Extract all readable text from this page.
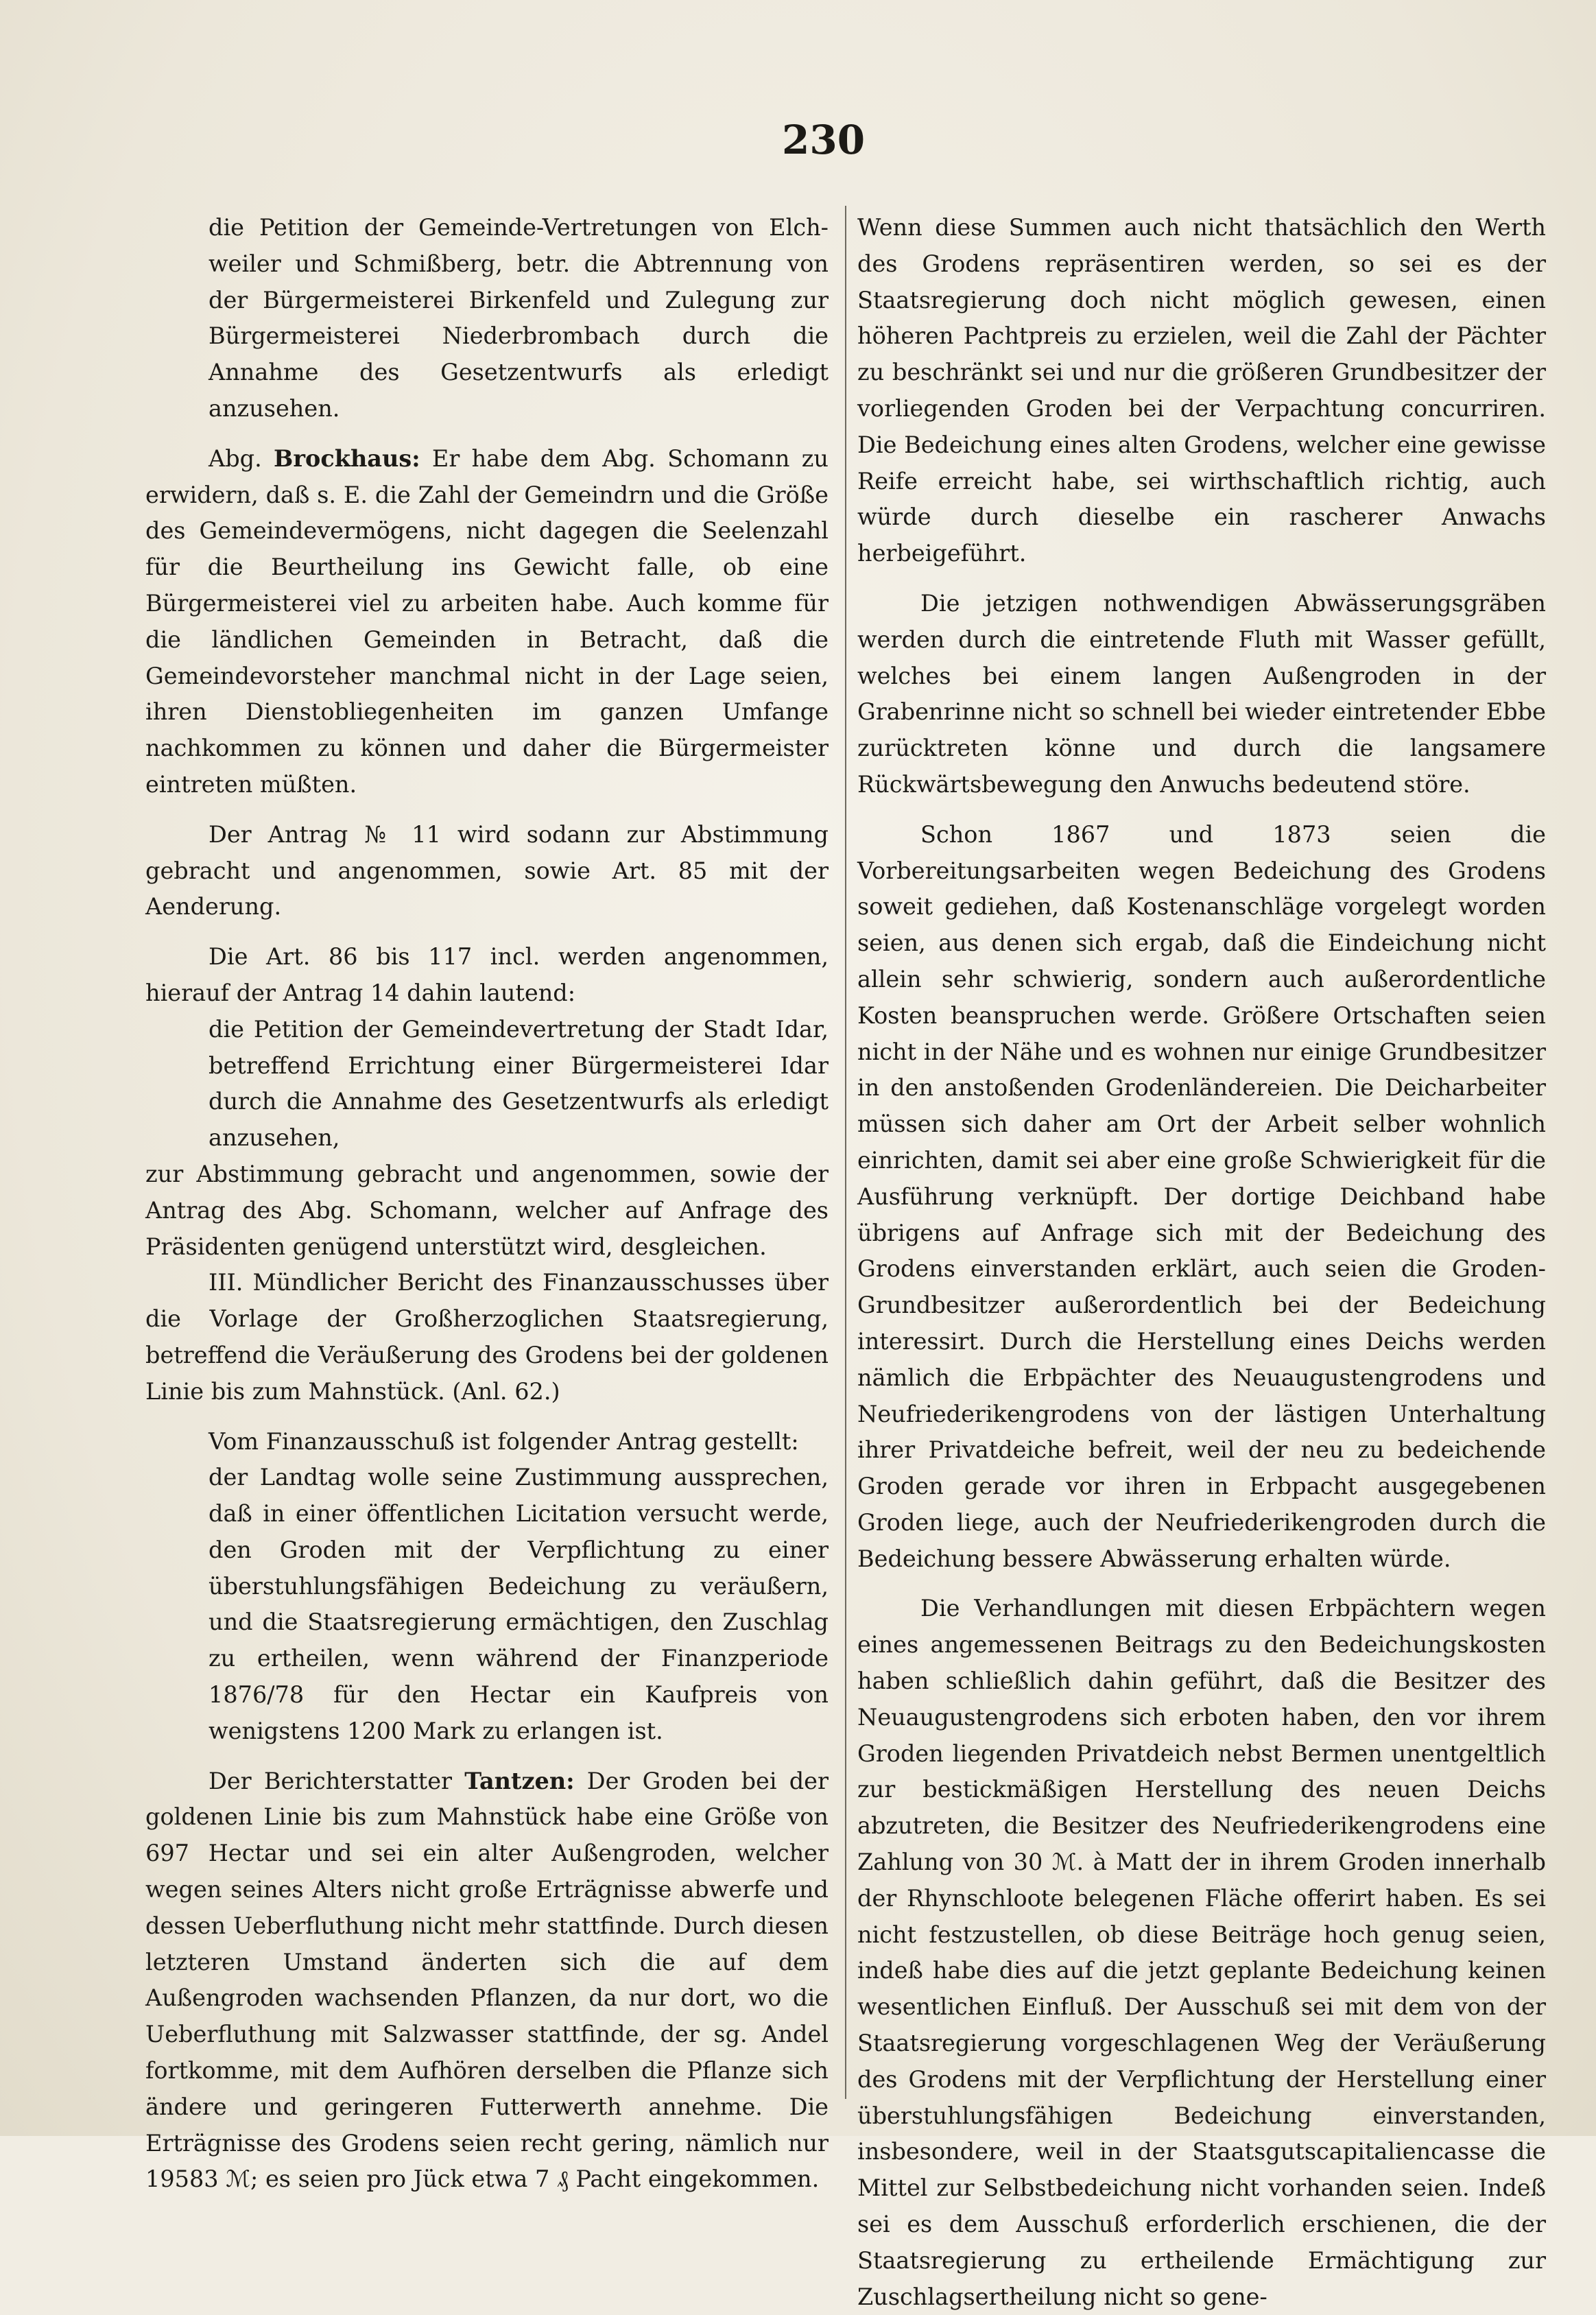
230

die Petition der Gemeinde-Vertretungen von Elch-weiler und Schmißberg, betr. die Abtrennung von der Bürgermeisterei Birkenfeld und Zulegung zur Bürgermeisterei Niederbrombach durch die Annahme des Gesetzentwurfs als erledigt anzusehen.

Abg. Brockhaus: Er habe dem Abg. Schomann zu erwidern, daß s. E. die Zahl der Gemeindrn und die Größe des Gemeindevermögens, nicht dagegen die Seelenzahl für die Beurtheilung ins Gewicht falle, ob eine Bürgermeisterei viel zu arbeiten habe. Auch komme für die ländlichen Gemeinden in Betracht, daß die Gemeindevorsteher manchmal nicht in der Lage seien, ihren Dienstobliegenheiten im ganzen Umfange nachkommen zu können und daher die Bürgermeister eintreten müßten.

Der Antrag № 11 wird sodann zur Abstimmung gebracht und angenommen, sowie Art. 85 mit der Aenderung.

Die Art. 86 bis 117 incl. werden angenommen, hierauf der Antrag 14 dahin lautend:

die Petition der Gemeindevertretung der Stadt Idar, betreffend Errichtung einer Bürgermeisterei Idar durch die Annahme des Gesetzentwurfs als erledigt anzusehen,

zur Abstimmung gebracht und angenommen, sowie der Antrag des Abg. Schomann, welcher auf Anfrage des Präsidenten genügend unterstützt wird, desgleichen.

III. Mündlicher Bericht des Finanzausschusses über die Vorlage der Großherzoglichen Staatsregierung, betreffend die Veräußerung des Grodens bei der goldenen Linie bis zum Mahnstück. (Anl. 62.)

Vom Finanzausschuß ist folgender Antrag gestellt:

der Landtag wolle seine Zustimmung aussprechen, daß in einer öffentlichen Licitation versucht werde, den Groden mit der Verpflichtung zu einer überstuhlungsfähigen Bedeichung zu veräußern, und die Staatsregierung ermächtigen, den Zuschlag zu ertheilen, wenn während der Finanzperiode 1876/78 für den Hectar ein Kaufpreis von wenigstens 1200 Mark zu erlangen ist.

Der Berichterstatter Tantzen: Der Groden bei der goldenen Linie bis zum Mahnstück habe eine Größe von 697 Hectar und sei ein alter Außengroden, welcher wegen seines Alters nicht große Erträgnisse abwerfe und dessen Ueberfluthung nicht mehr stattfinde. Durch diesen letzteren Umstand änderten sich die auf dem Außengroden wachsenden Pflanzen, da nur dort, wo die Ueberfluthung mit Salzwasser stattfinde, der sg. Andel fortkomme, mit dem Aufhören derselben die Pflanze sich ändere und geringeren Futterwerth annehme. Die Erträgnisse des Grodens seien recht gering, nämlich nur 19583 ℳ; es seien pro Jück etwa 7 ₰ Pacht eingekommen.

Wenn diese Summen auch nicht thatsächlich den Werth des Grodens repräsentiren werden, so sei es der Staatsregierung doch nicht möglich gewesen, einen höheren Pachtpreis zu erzielen, weil die Zahl der Pächter zu beschränkt sei und nur die größeren Grundbesitzer der vorliegenden Groden bei der Verpachtung concurriren. Die Bedeichung eines alten Grodens, welcher eine gewisse Reife erreicht habe, sei wirthschaftlich richtig, auch würde durch dieselbe ein rascherer Anwachs herbeigeführt.

Die jetzigen nothwendigen Abwässerungsgräben werden durch die eintretende Fluth mit Wasser gefüllt, welches bei einem langen Außengroden in der Grabenrinne nicht so schnell bei wieder eintretender Ebbe zurücktreten könne und durch die langsamere Rückwärtsbewegung den Anwuchs bedeutend störe.

Schon 1867 und 1873 seien die Vorbereitungsarbeiten wegen Bedeichung des Grodens soweit gediehen, daß Kostenanschläge vorgelegt worden seien, aus denen sich ergab, daß die Eindeichung nicht allein sehr schwierig, sondern auch außerordentliche Kosten beanspruchen werde. Größere Ortschaften seien nicht in der Nähe und es wohnen nur einige Grundbesitzer in den anstoßenden Grodenländereien. Die Deicharbeiter müssen sich daher am Ort der Arbeit selber wohnlich einrichten, damit sei aber eine große Schwierigkeit für die Ausführung verknüpft. Der dortige Deichband habe übrigens auf Anfrage sich mit der Bedeichung des Grodens einverstanden erklärt, auch seien die Groden-Grundbesitzer außerordentlich bei der Bedeichung interessirt. Durch die Herstellung eines Deichs werden nämlich die Erbpächter des Neuaugustengrodens und Neufriederikengrodens von der lästigen Unterhaltung ihrer Privatdeiche befreit, weil der neu zu bedeichende Groden gerade vor ihren in Erbpacht ausgegebenen Groden liege, auch der Neufriederikengroden durch die Bedeichung bessere Abwässerung erhalten würde.

Die Verhandlungen mit diesen Erbpächtern wegen eines angemessenen Beitrags zu den Bedeichungskosten haben schließlich dahin geführt, daß die Besitzer des Neuaugustengrodens sich erboten haben, den vor ihrem Groden liegenden Privatdeich nebst Bermen unentgeltlich zur bestickmäßigen Herstellung des neuen Deichs abzutreten, die Besitzer des Neufriederikengrodens eine Zahlung von 30 ℳ. à Matt der in ihrem Groden innerhalb der Rhynschloote belegenen Fläche offerirt haben. Es sei nicht festzustellen, ob diese Beiträge hoch genug seien, indeß habe dies auf die jetzt geplante Bedeichung keinen wesentlichen Einfluß. Der Ausschuß sei mit dem von der Staatsregierung vorgeschlagenen Weg der Veräußerung des Grodens mit der Verpflichtung der Herstellung einer überstuhlungsfähigen Bedeichung einverstanden, insbesondere, weil in der Staatsgutscapitaliencasse die Mittel zur Selbstbedeichung nicht vorhanden seien. Indeß sei es dem Ausschuß erforderlich erschienen, die der Staatsregierung zu ertheilende Ermächtigung zur Zuschlagsertheilung nicht so gene-
